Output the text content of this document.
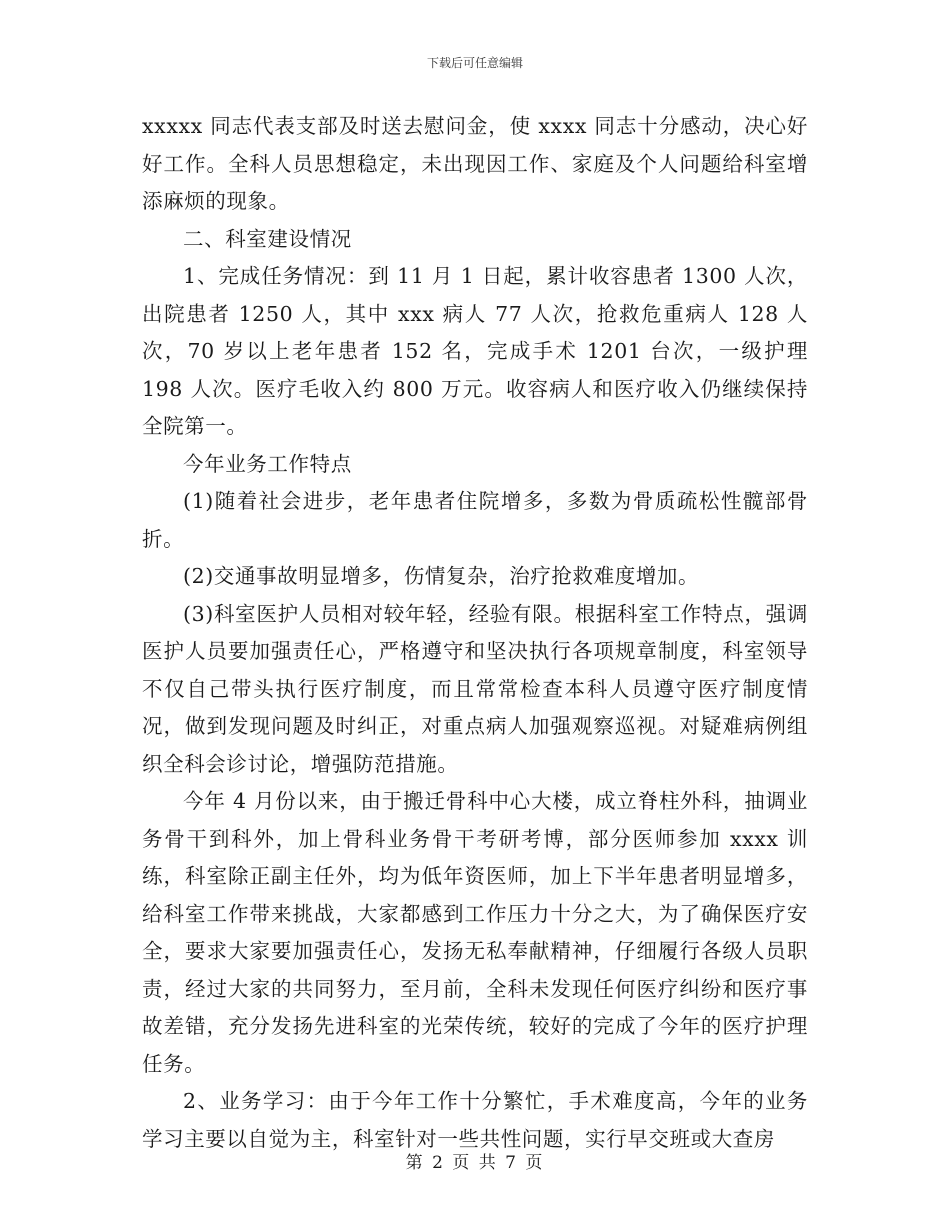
下载后可任意编辑

xxxxx 同志代表支部及时送去慰问金，使 xxxx 同志十分感动，决心好好工作。全科人员思想稳定，未出现因工作、家庭及个人问题给科室增添麻烦的现象。

二、科室建设情况

1、完成任务情况：到 11 月 1 日起，累计收容患者 1300 人次，出院患者 1250 人，其中 xxx 病人 77 人次，抢救危重病人 128 人次，70 岁以上老年患者 152 名，完成手术 1201 台次，一级护理 198 人次。医疗毛收入约 800 万元。收容病人和医疗收入仍继续保持全院第一。

今年业务工作特点

(1)随着社会进步，老年患者住院增多，多数为骨质疏松性髋部骨折。

(2)交通事故明显增多，伤情复杂，治疗抢救难度增加。

(3)科室医护人员相对较年轻，经验有限。根据科室工作特点，强调医护人员要加强责任心，严格遵守和坚决执行各项规章制度，科室领导不仅自己带头执行医疗制度，而且常常检查本科人员遵守医疗制度情况，做到发现问题及时纠正，对重点病人加强观察巡视。对疑难病例组织全科会诊讨论，增强防范措施。

今年 4 月份以来，由于搬迁骨科中心大楼，成立脊柱外科，抽调业务骨干到科外，加上骨科业务骨干考研考博，部分医师参加 xxxx 训练，科室除正副主任外，均为低年资医师，加上下半年患者明显增多，给科室工作带来挑战，大家都感到工作压力十分之大，为了确保医疗安全，要求大家要加强责任心，发扬无私奉献精神，仔细履行各级人员职责，经过大家的共同努力，至月前，全科未发现任何医疗纠纷和医疗事故差错，充分发扬先进科室的光荣传统，较好的完成了今年的医疗护理任务。

2、业务学习：由于今年工作十分繁忙，手术难度高，今年的业务学习主要以自觉为主，科室针对一些共性问题，实行早交班或大查房

第 2 页 共 7 页
